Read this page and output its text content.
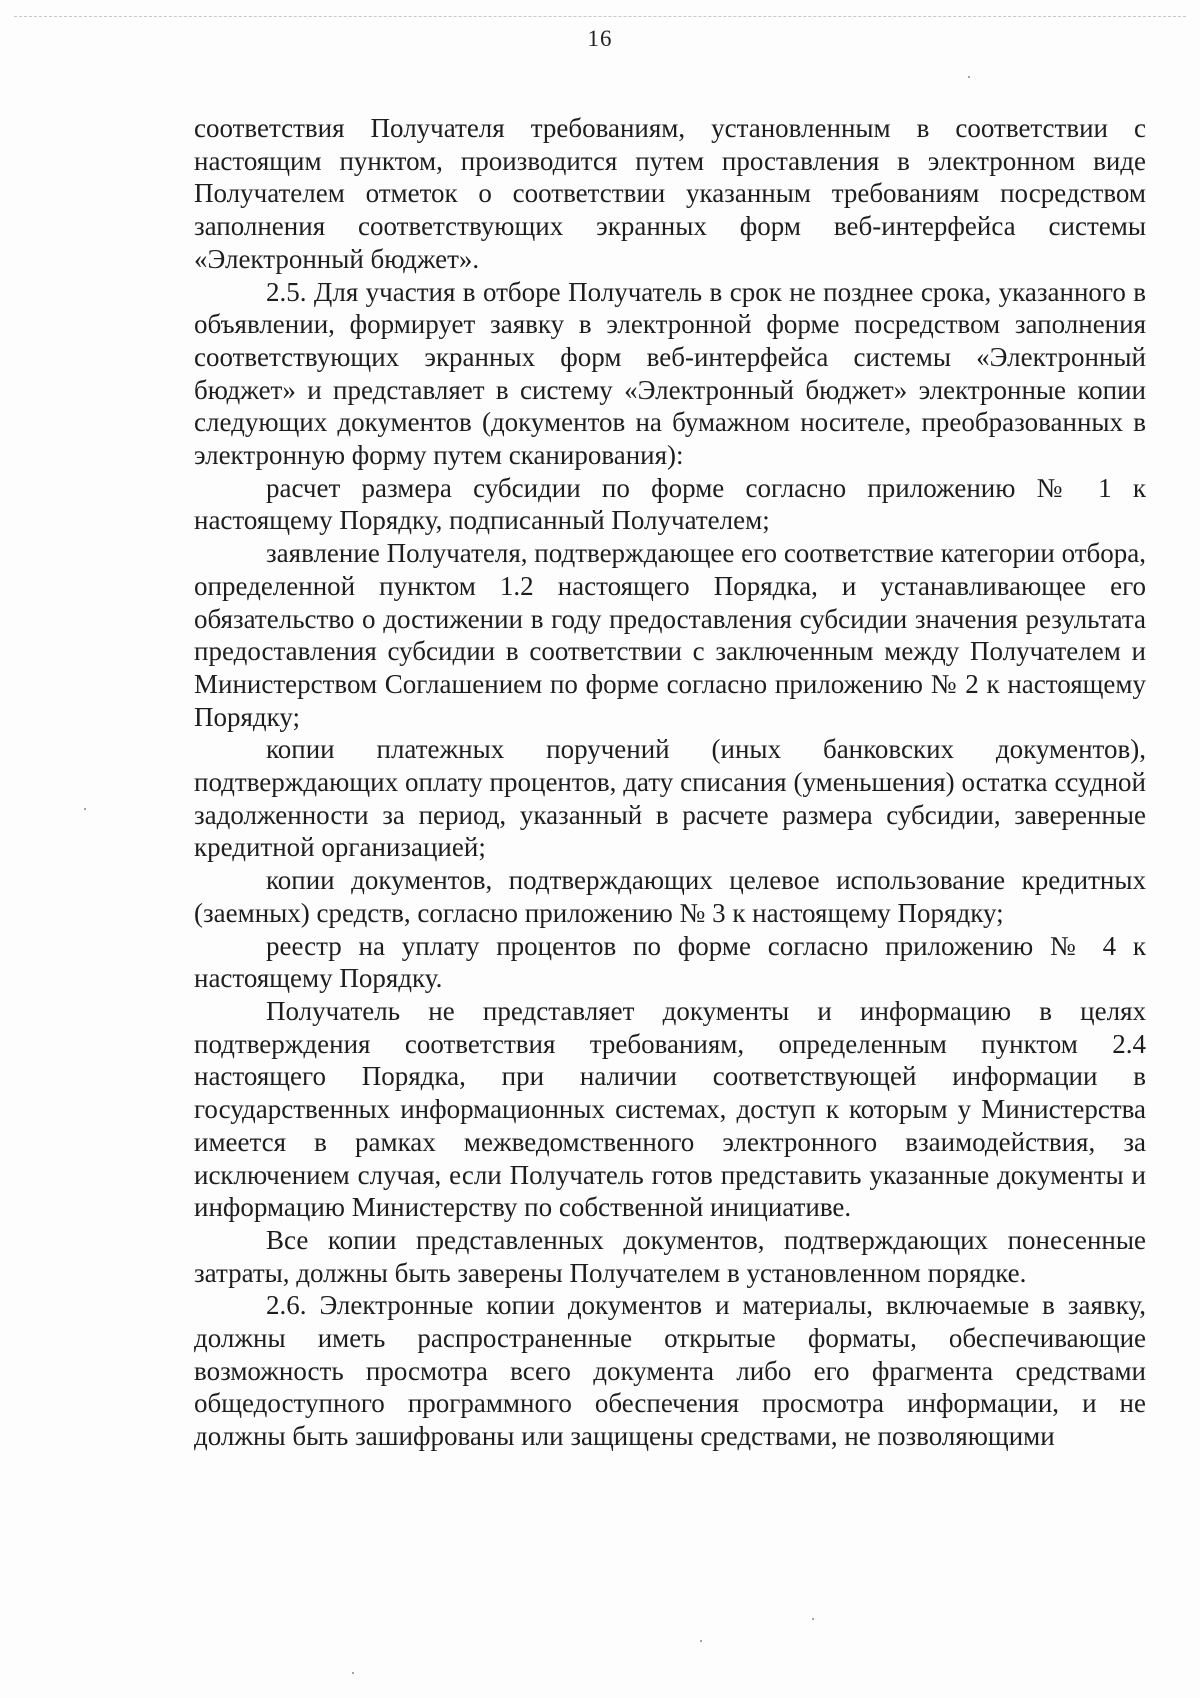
16

соответствия Получателя требованиям, установленным в соответствии с настоящим пунктом, производится путем проставления в электронном виде Получателем отметок о соответствии указанным требованиям посредством заполнения соответствующих экранных форм веб-интерфейса системы «Электронный бюджет».

2.5. Для участия в отборе Получатель в срок не позднее срока, указанного в объявлении, формирует заявку в электронной форме посредством заполнения соответствующих экранных форм веб-интерфейса системы «Электронный бюджет» и представляет в систему «Электронный бюджет» электронные копии следующих документов (документов на бумажном носителе, преобразованных в электронную форму путем сканирования):

расчет размера субсидии по форме согласно приложению № 1 к настоящему Порядку, подписанный Получателем;

заявление Получателя, подтверждающее его соответствие категории отбора, определенной пунктом 1.2 настоящего Порядка, и устанавливающее его обязательство о достижении в году предоставления субсидии значения результата предоставления субсидии в соответствии с заключенным между Получателем и Министерством Соглашением по форме согласно приложению № 2 к настоящему Порядку;

копии платежных поручений (иных банковских документов), подтверждающих оплату процентов, дату списания (уменьшения) остатка ссудной задолженности за период, указанный в расчете размера субсидии, заверенные кредитной организацией;

копии документов, подтверждающих целевое использование кредитных (заемных) средств, согласно приложению № 3 к настоящему Порядку;

реестр на уплату процентов по форме согласно приложению № 4 к настоящему Порядку.

Получатель не представляет документы и информацию в целях подтверждения соответствия требованиям, определенным пунктом 2.4 настоящего Порядка, при наличии соответствующей информации в государственных информационных системах, доступ к которым у Министерства имеется в рамках межведомственного электронного взаимодействия, за исключением случая, если Получатель готов представить указанные документы и информацию Министерству по собственной инициативе.

Все копии представленных документов, подтверждающих понесенные затраты, должны быть заверены Получателем в установленном порядке.

2.6. Электронные копии документов и материалы, включаемые в заявку, должны иметь распространенные открытые форматы, обеспечивающие возможность просмотра всего документа либо его фрагмента средствами общедоступного программного обеспечения просмотра информации, и не должны быть зашифрованы или защищены средствами, не позволяющими
